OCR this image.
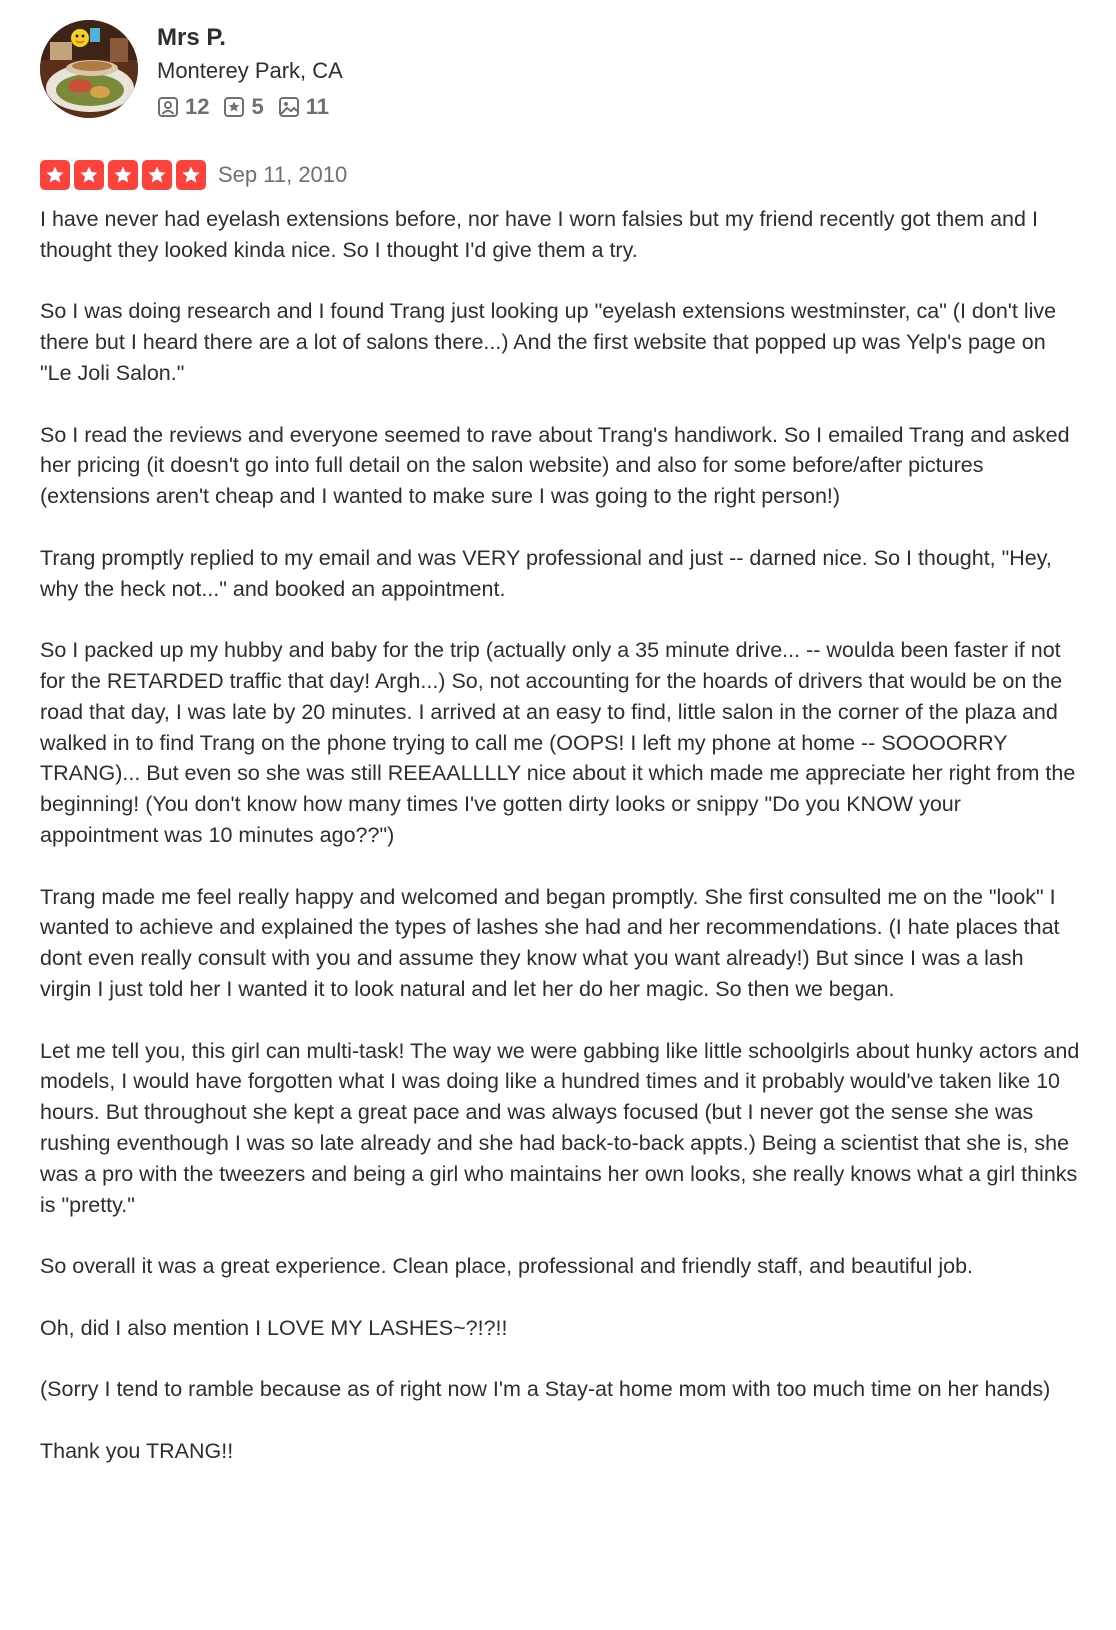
Mrs P.
Monterey Park, CA
12 5 11
Sep 11, 2010

I have never had eyelash extensions before, nor have I worn falsies but my friend recently got them and I thought they looked kinda nice. So I thought I'd give them a try.

So I was doing research and I found Trang just looking up "eyelash extensions westminster, ca" (I don't live there but I heard there are a lot of salons there...) And the first website that popped up was Yelp's page on "Le Joli Salon."

So I read the reviews and everyone seemed to rave about Trang's handiwork. So I emailed Trang and asked her pricing (it doesn't go into full detail on the salon website) and also for some before/after pictures (extensions aren't cheap and I wanted to make sure I was going to the right person!)

Trang promptly replied to my email and was VERY professional and just -- darned nice. So I thought, "Hey, why the heck not..." and booked an appointment.

So I packed up my hubby and baby for the trip (actually only a 35 minute drive... -- woulda been faster if not for the RETARDED traffic that day! Argh...) So, not accounting for the hoards of drivers that would be on the road that day, I was late by 20 minutes. I arrived at an easy to find, little salon in the corner of the plaza and walked in to find Trang on the phone trying to call me (OOPS! I left my phone at home -- SOOOORRY TRANG)... But even so she was still REEAALLLLY nice about it which made me appreciate her right from the beginning! (You don't know how many times I've gotten dirty looks or snippy "Do you KNOW your appointment was 10 minutes ago??")

Trang made me feel really happy and welcomed and began promptly. She first consulted me on the "look" I wanted to achieve and explained the types of lashes she had and her recommendations. (I hate places that dont even really consult with you and assume they know what you want already!) But since I was a lash virgin I just told her I wanted it to look natural and let her do her magic. So then we began.

Let me tell you, this girl can multi-task! The way we were gabbing like little schoolgirls about hunky actors and models, I would have forgotten what I was doing like a hundred times and it probably would've taken like 10 hours. But throughout she kept a great pace and was always focused (but I never got the sense she was rushing eventhough I was so late already and she had back-to-back appts.) Being a scientist that she is, she was a pro with the tweezers and being a girl who maintains her own looks, she really knows what a girl thinks is "pretty."

So overall it was a great experience. Clean place, professional and friendly staff, and beautiful job.

Oh, did I also mention I LOVE MY LASHES~?!?!!

(Sorry I tend to ramble because as of right now I'm a Stay-at home mom with too much time on her hands)

Thank you TRANG!!
